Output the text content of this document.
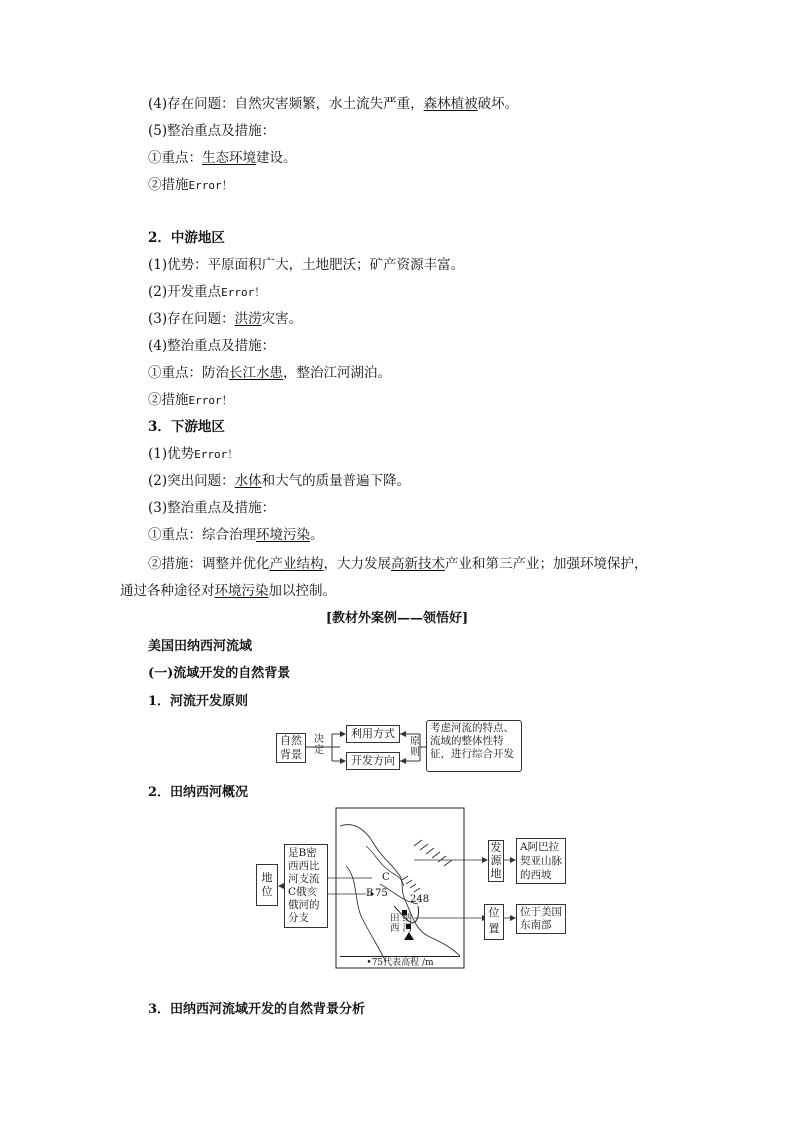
(4)存在问题：自然灾害频繁，水土流失严重，森林植被破坏。
(5)整治重点及措施：
①重点：生态环境建设。
②措施Error！
2．中游地区
(1)优势：平原面积广大，土地肥沃；矿产资源丰富。
(2)开发重点Error！
(3)存在问题：洪涝灾害。
(4)整治重点及措施：
①重点：防治长江水患，整治江河湖泊。
②措施Error！
3．下游地区
(1)优势Error！
(2)突出问题：水体和大气的质量普遍下降。
(3)整治重点及措施：
①重点：综合治理环境污染。
②措施：调整并优化产业结构，大力发展高新技术产业和第三产业；加强环境保护，
通过各种途径对环境污染加以控制。
[教材外案例——领悟好]
美国田纳西河流域
(一)流域开发的自然背景
1．河流开发原则
自然
背景
决
定
利用方式
开发方向
原
则
考虑河流的特点、流域的整体性特征，进行综合开发
2．田纳西河概况
地
位
是B密西西比河支流C俄亥俄河的分支
C
B 75
248
田 纳 西 河
•75代表高程 /m
发
源
地
A阿巴拉契亚山脉的西坡
位
置
位于美国东南部
3．田纳西河流域开发的自然背景分析
